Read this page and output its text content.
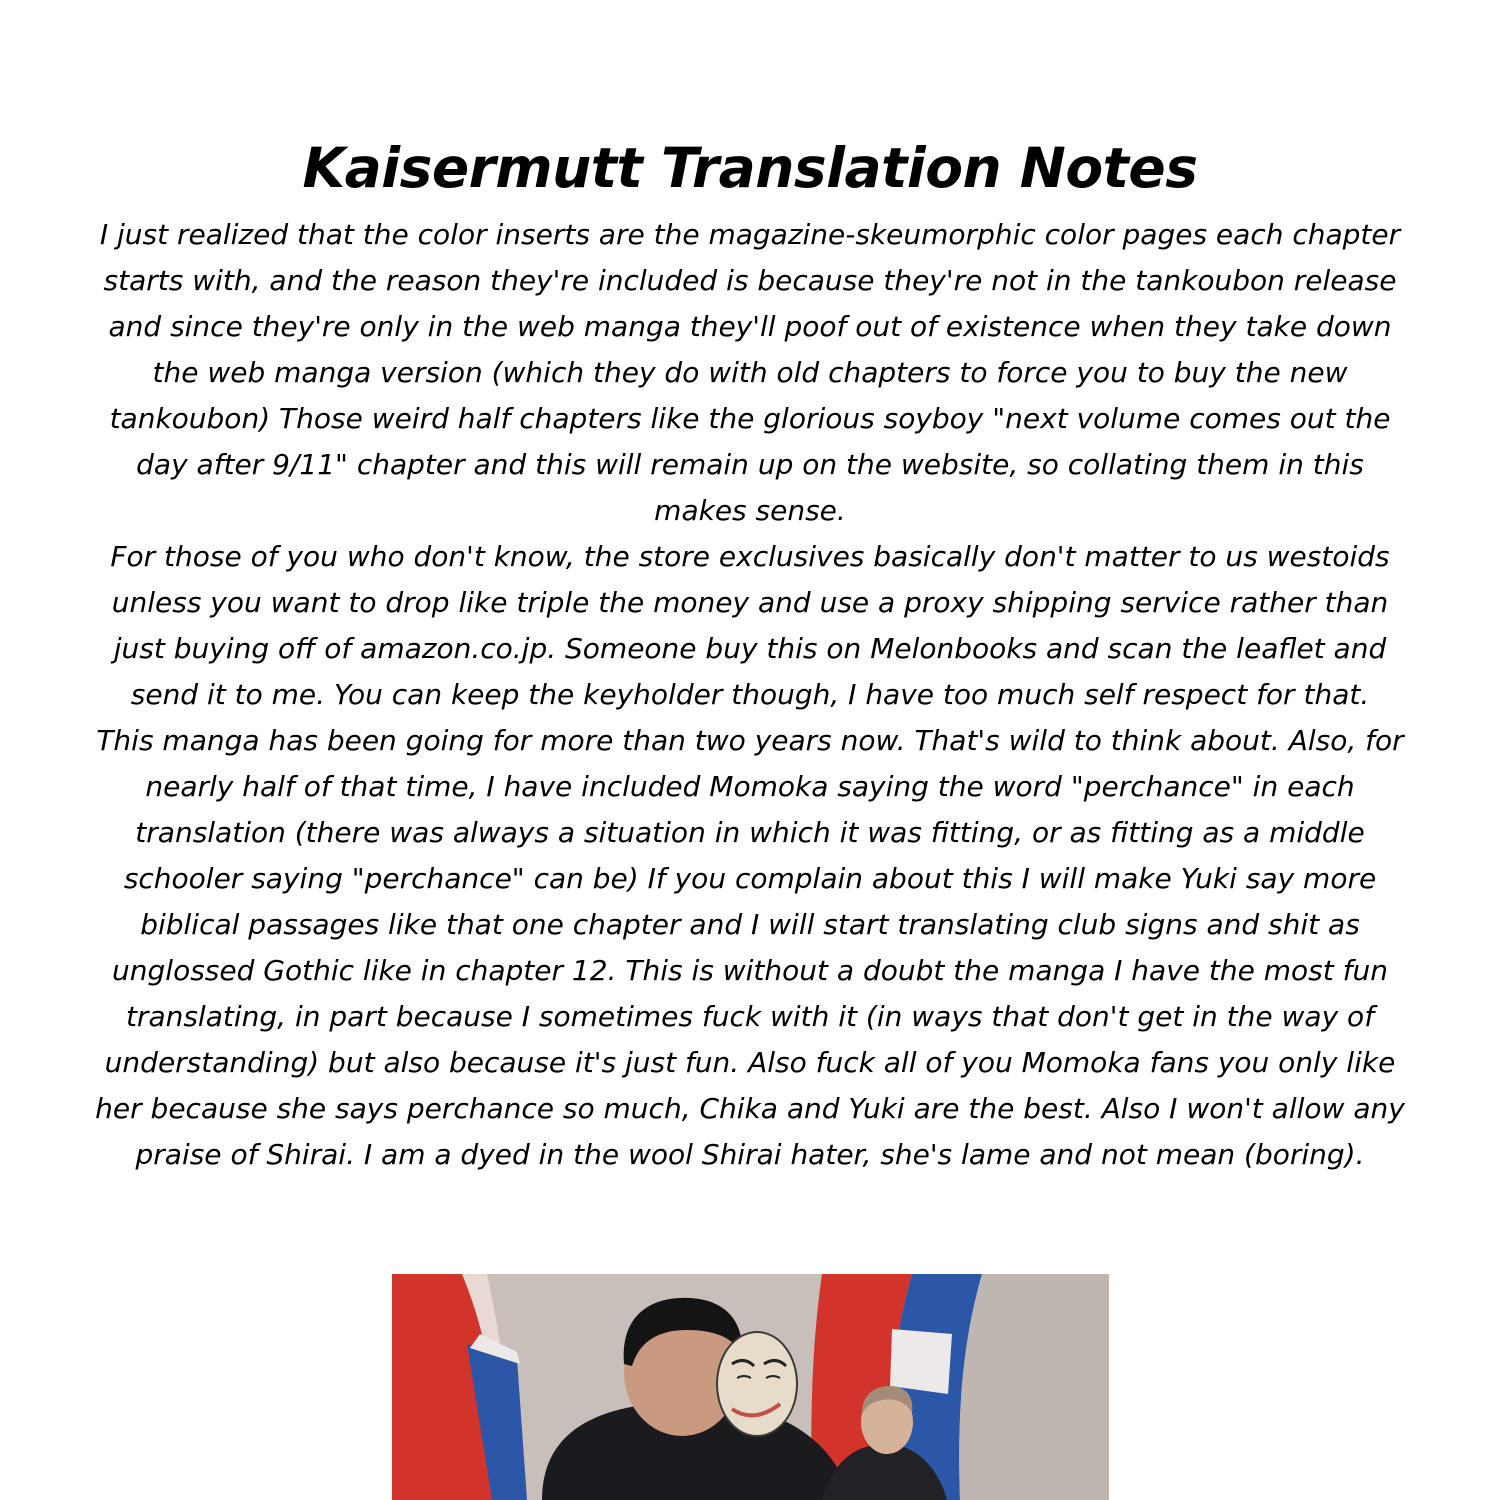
Kaisermutt Translation Notes

I just realized that the color inserts are the magazine-skeumorphic color pages each chapter starts with, and the reason they're included is because they're not in the tankoubon release and since they're only in the web manga they'll poof out of existence when they take down the web manga version (which they do with old chapters to force you to buy the new tankoubon) Those weird half chapters like the glorious soyboy "next volume comes out the day after 9/11" chapter and this will remain up on the website, so collating them in this makes sense.

For those of you who don't know, the store exclusives basically don't matter to us westoids unless you want to drop like triple the money and use a proxy shipping service rather than just buying off of amazon.co.jp. Someone buy this on Melonbooks and scan the leaflet and send it to me. You can keep the keyholder though, I have too much self respect for that.

This manga has been going for more than two years now. That's wild to think about. Also, for nearly half of that time, I have included Momoka saying the word "perchance" in each translation (there was always a situation in which it was fitting, or as fitting as a middle schooler saying "perchance" can be) If you complain about this I will make Yuki say more biblical passages like that one chapter and I will start translating club signs and shit as unglossed Gothic like in chapter 12. This is without a doubt the manga I have the most fun translating, in part because I sometimes fuck with it (in ways that don't get in the way of understanding) but also because it's just fun. Also fuck all of you Momoka fans you only like her because she says perchance so much, Chika and Yuki are the best. Also I won't allow any praise of Shirai. I am a dyed in the wool Shirai hater, she's lame and not mean (boring).
